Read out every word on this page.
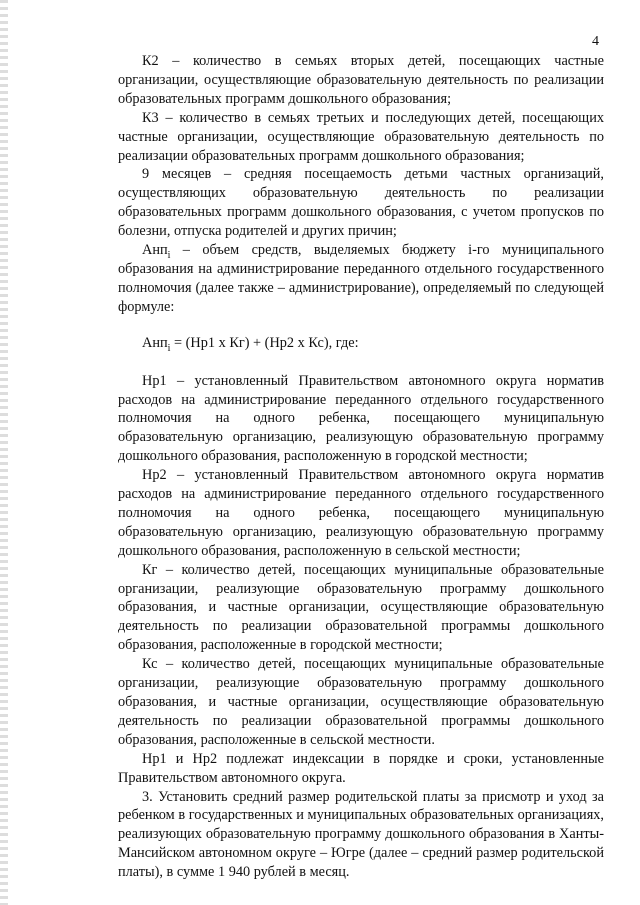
4

К2 – количество в семьях вторых детей, посещающих частные организации, осуществляющие образовательную деятельность по реализации образовательных программ дошкольного образования;

К3 – количество в семьях третьих и последующих детей, посещающих частные организации, осуществляющие образовательную деятельность по реализации образовательных программ дошкольного образования;

9 месяцев – средняя посещаемость детьми частных организаций, осуществляющих образовательную деятельность по реализации образовательных программ дошкольного образования, с учетом пропусков по болезни, отпуска родителей и других причин;

Анп$_i$ – объем средств, выделяемых бюджету i-го муниципального образования на администрирование переданного отдельного государственного полномочия (далее также – администрирование), определяемый по следующей формуле:

Анп$_i$ = (Нр1 х Кг) + (Нр2 х Кс), где:

Нр1 – установленный Правительством автономного округа норматив расходов на администрирование переданного отдельного государственного полномочия на одного ребенка, посещающего муниципальную образовательную организацию, реализующую образовательную программу дошкольного образования, расположенную в городской местности;

Нр2 – установленный Правительством автономного округа норматив расходов на администрирование переданного отдельного государственного полномочия на одного ребенка, посещающего муниципальную образовательную организацию, реализующую образовательную программу дошкольного образования, расположенную в сельской местности;

Кг – количество детей, посещающих муниципальные образовательные организации, реализующие образовательную программу дошкольного образования, и частные организации, осуществляющие образовательную деятельность по реализации образовательной программы дошкольного образования, расположенные в городской местности;

Кс – количество детей, посещающих муниципальные образовательные организации, реализующие образовательную программу дошкольного образования, и частные организации, осуществляющие образовательную деятельность по реализации образовательной программы дошкольного образования, расположенные в сельской местности.

Нр1 и Нр2 подлежат индексации в порядке и сроки, установленные Правительством автономного округа.

3. Установить средний размер родительской платы за присмотр и уход за ребенком в государственных и муниципальных образовательных организациях, реализующих образовательную программу дошкольного образования в Ханты-Мансийском автономном округе – Югре (далее – средний размер родительской платы), в сумме 1 940 рублей в месяц.
